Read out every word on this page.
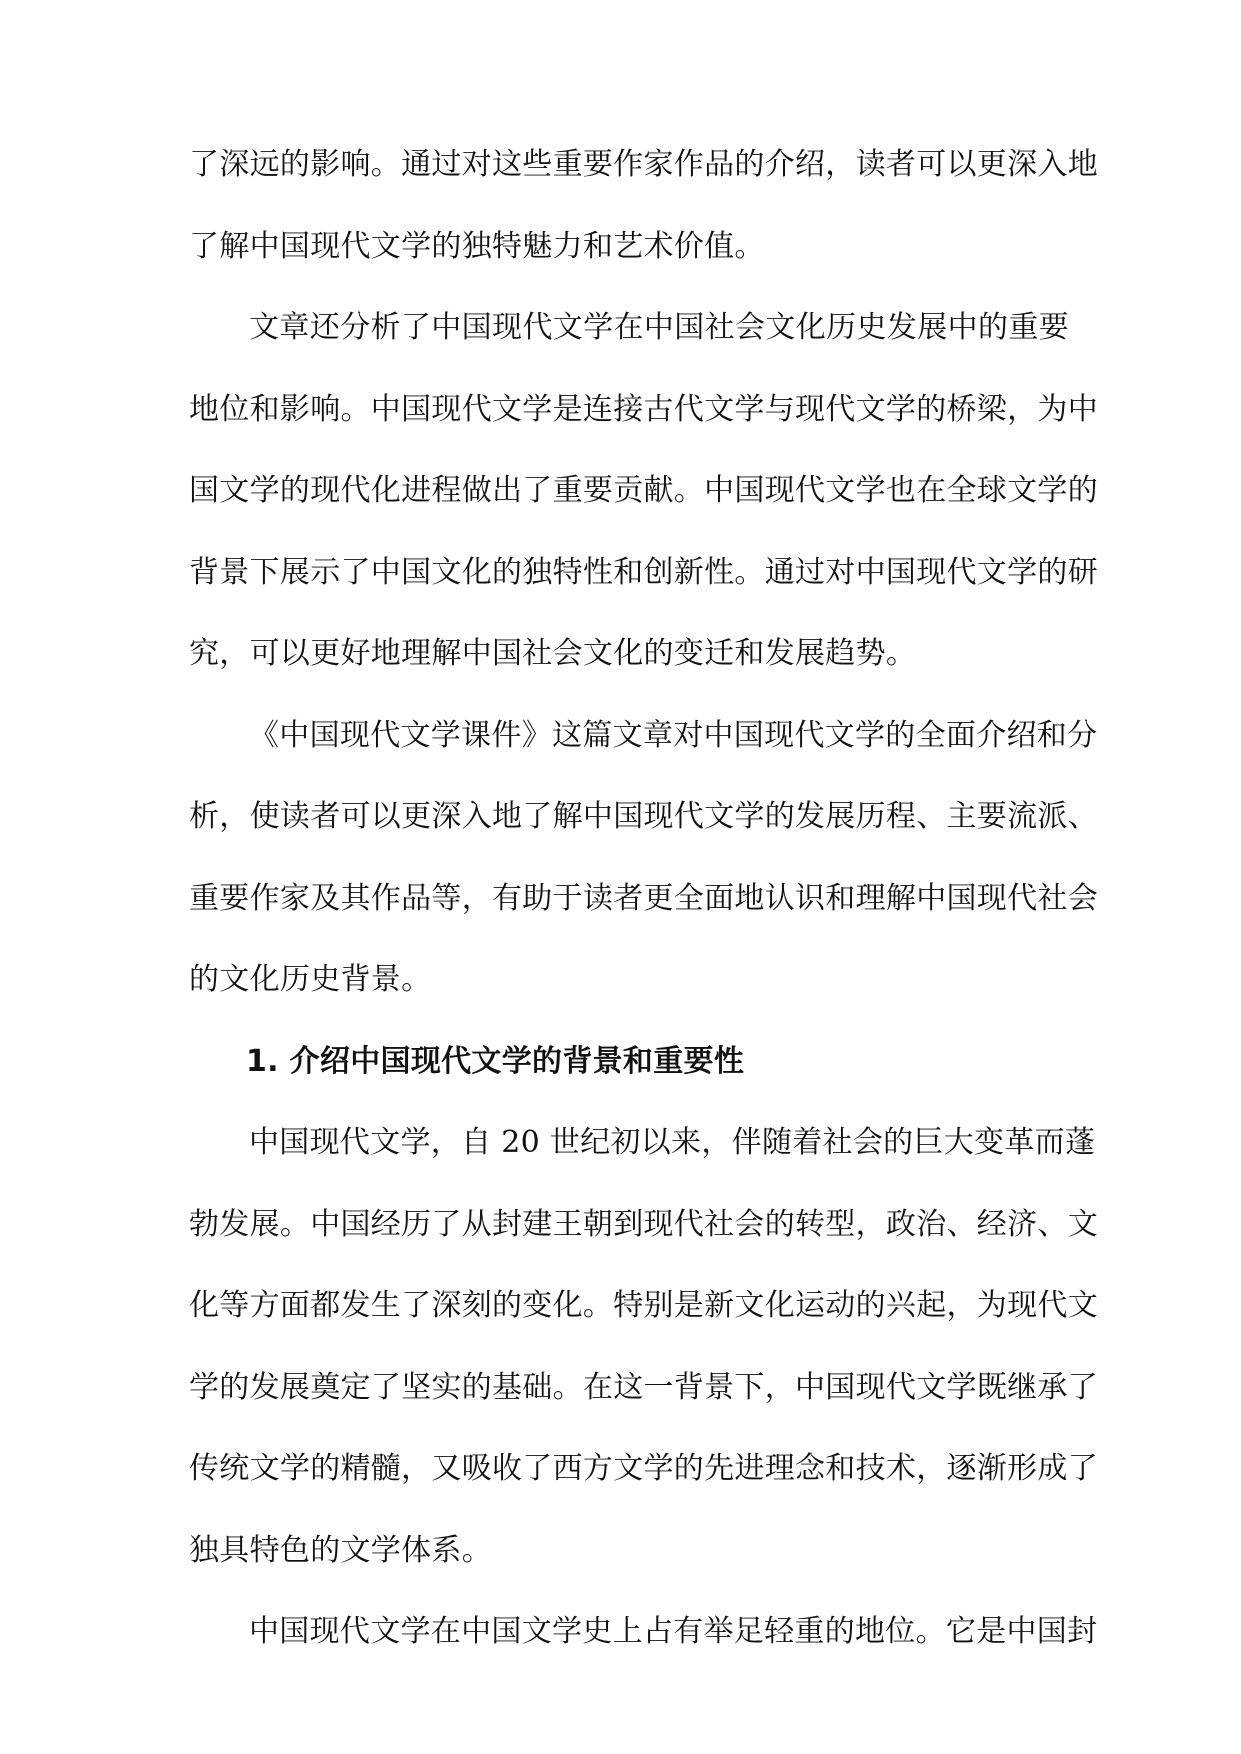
了深远的影响。通过对这些重要作家作品的介绍，读者可以更深入地
了解中国现代文学的独特魅力和艺术价值。
文章还分析了中国现代文学在中国社会文化历史发展中的重要
地位和影响。中国现代文学是连接古代文学与现代文学的桥梁，为中
国文学的现代化进程做出了重要贡献。中国现代文学也在全球文学的
背景下展示了中国文化的独特性和创新性。通过对中国现代文学的研
究，可以更好地理解中国社会文化的变迁和发展趋势。
《中国现代文学课件》这篇文章对中国现代文学的全面介绍和分
析，使读者可以更深入地了解中国现代文学的发展历程、主要流派、
重要作家及其作品等，有助于读者更全面地认识和理解中国现代社会
的文化历史背景。
1. 介绍中国现代文学的背景和重要性
中国现代文学，自 20 世纪初以来，伴随着社会的巨大变革而蓬
勃发展。中国经历了从封建王朝到现代社会的转型，政治、经济、文
化等方面都发生了深刻的变化。特别是新文化运动的兴起，为现代文
学的发展奠定了坚实的基础。在这一背景下，中国现代文学既继承了
传统文学的精髓，又吸收了西方文学的先进理念和技术，逐渐形成了
独具特色的文学体系。
中国现代文学在中国文学史上占有举足轻重的地位。它是中国封
